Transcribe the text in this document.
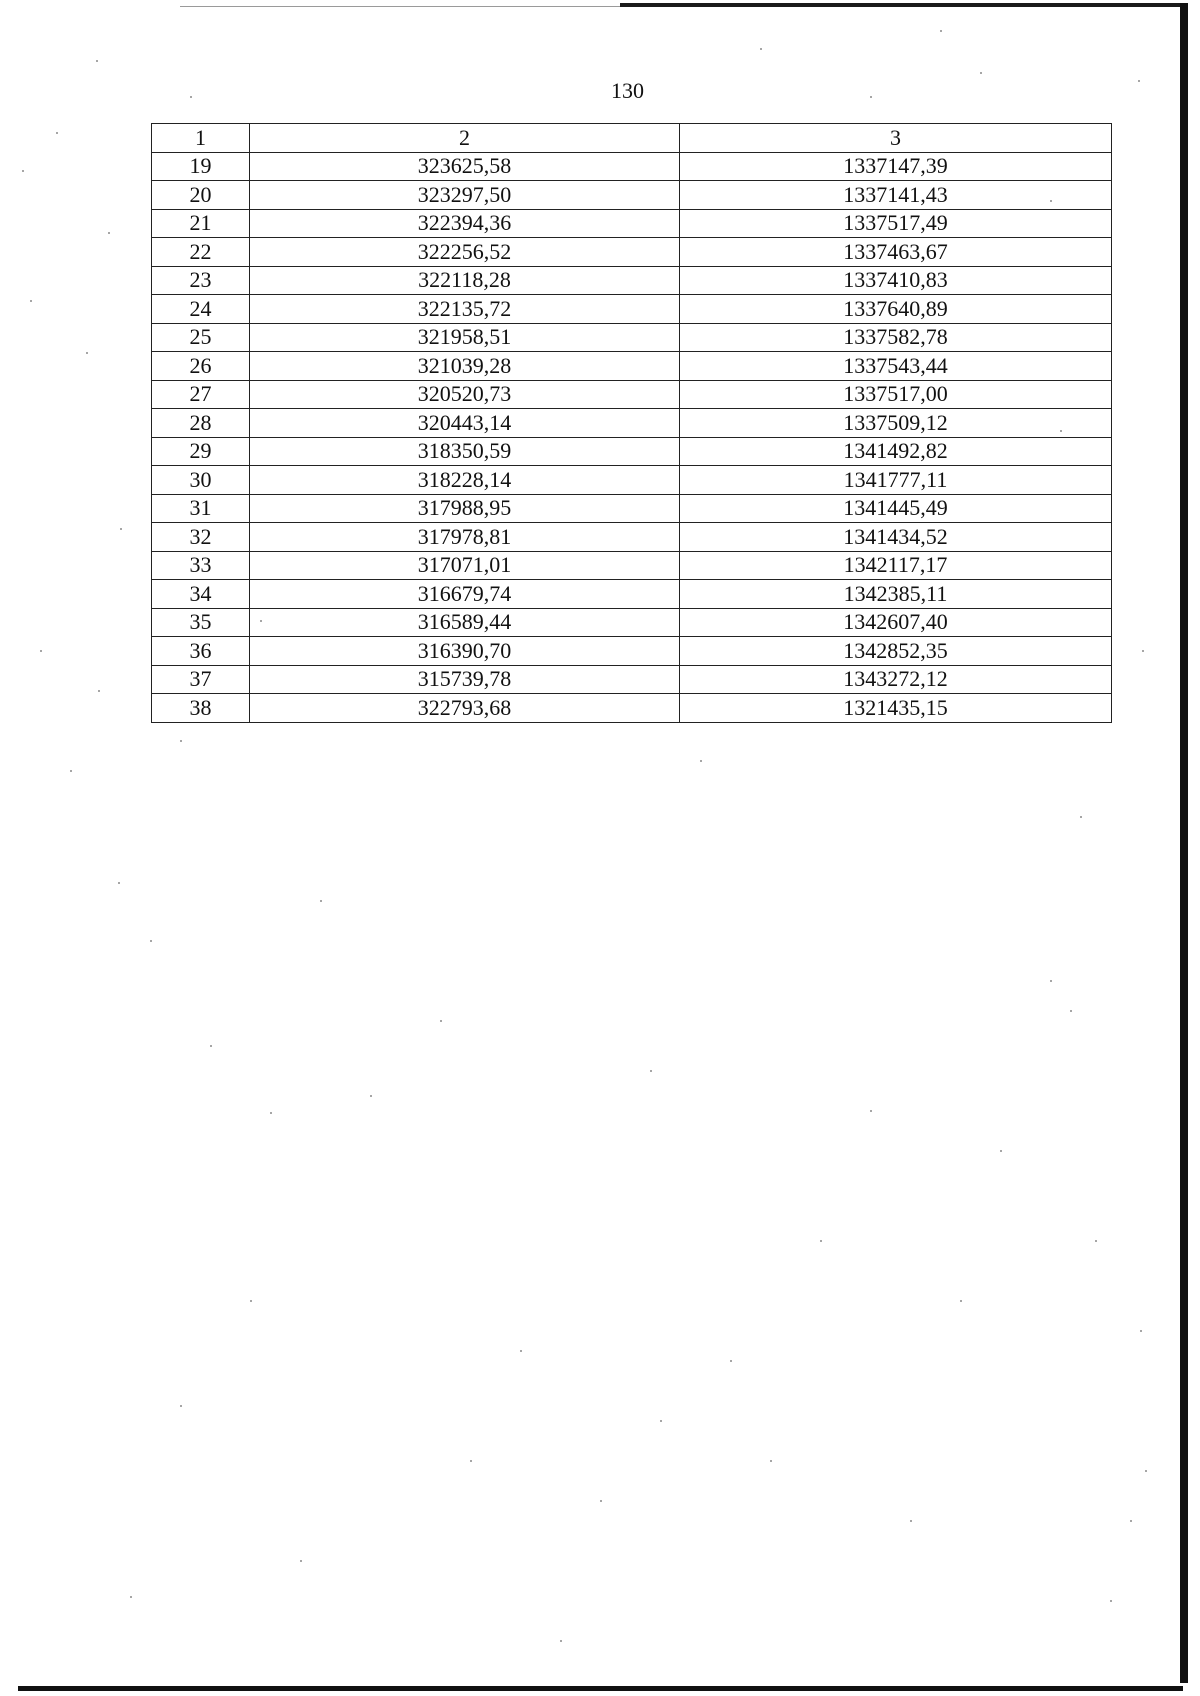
130
1	2	3
19	323625,58	1337147,39
20	323297,50	1337141,43
21	322394,36	1337517,49
22	322256,52	1337463,67
23	322118,28	1337410,83
24	322135,72	1337640,89
25	321958,51	1337582,78
26	321039,28	1337543,44
27	320520,73	1337517,00
28	320443,14	1337509,12
29	318350,59	1341492,82
30	318228,14	1341777,11
31	317988,95	1341445,49
32	317978,81	1341434,52
33	317071,01	1342117,17
34	316679,74	1342385,11
35	316589,44	1342607,40
36	316390,70	1342852,35
37	315739,78	1343272,12
38	322793,68	1321435,15
